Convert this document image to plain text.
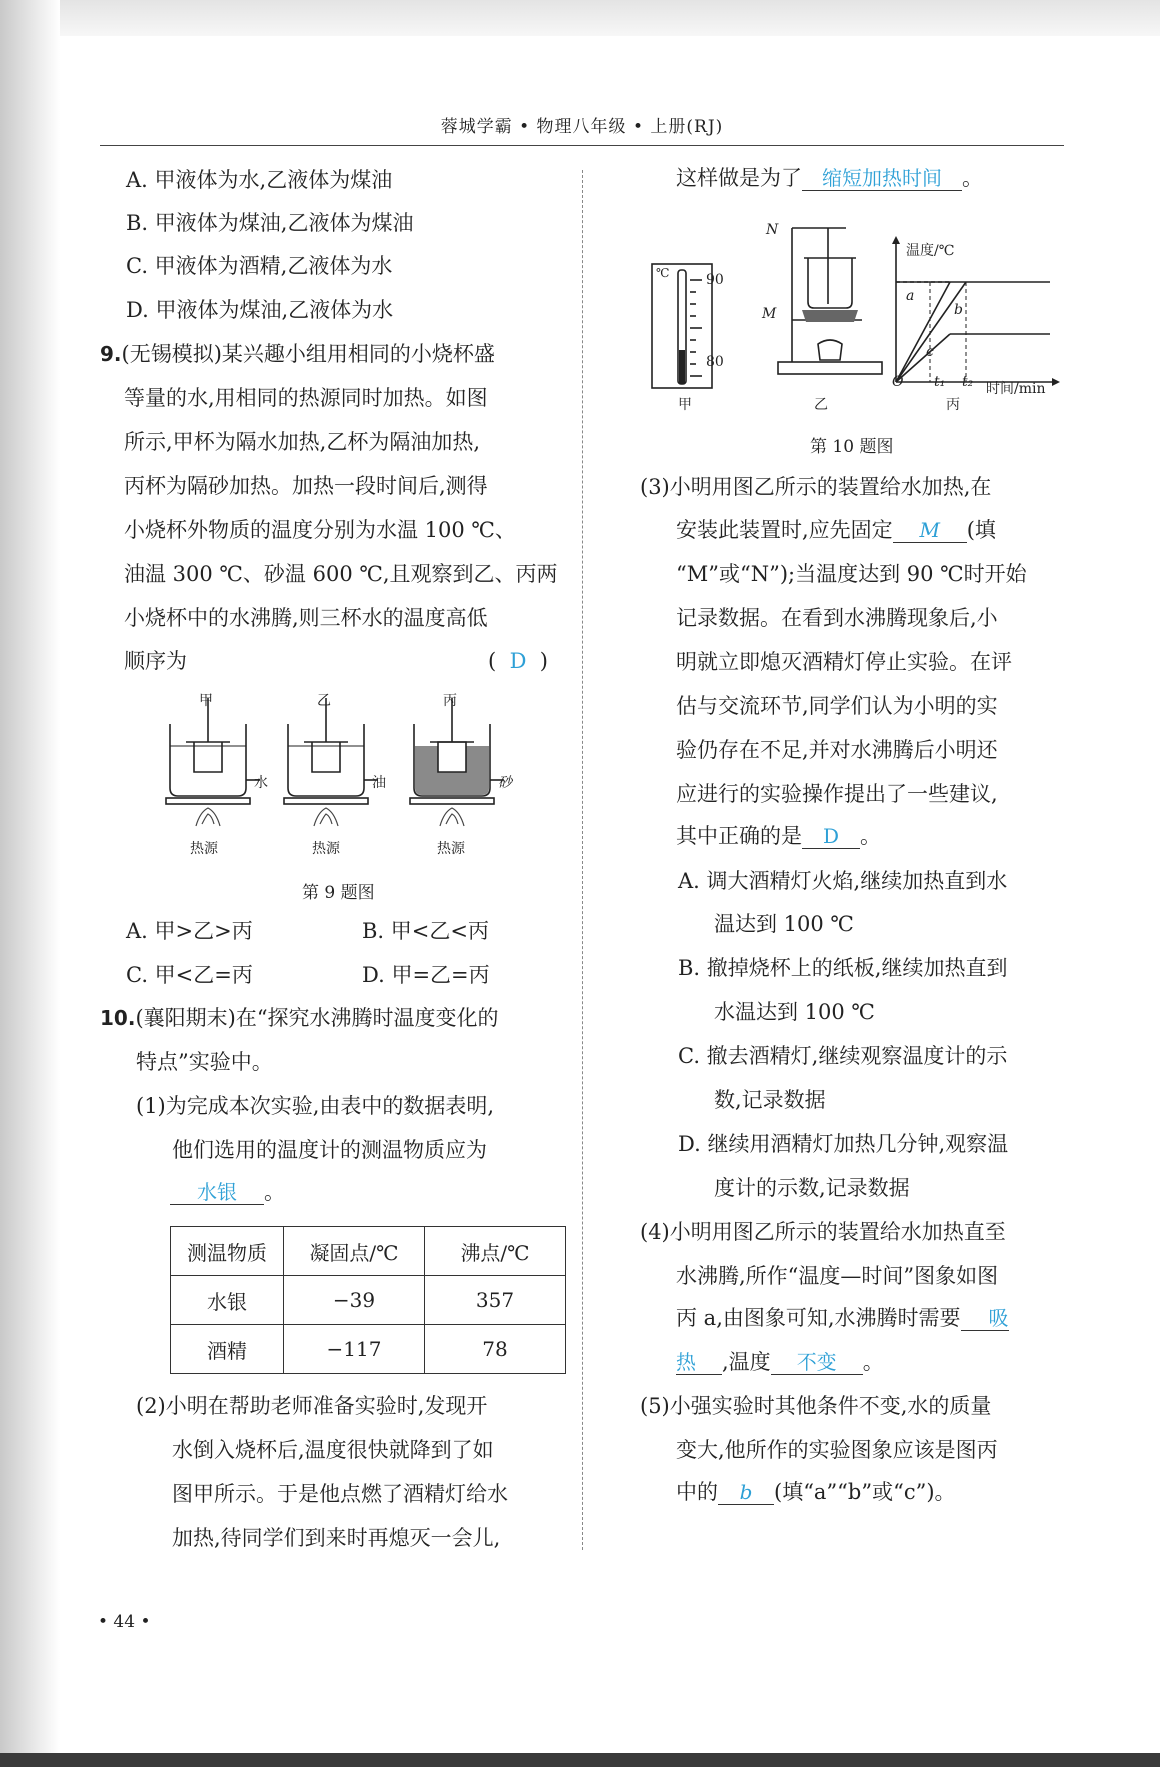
蓉城学霸 • 物理八年级 • 上册(RJ)
A. 甲液体为水,乙液体为煤油
B. 甲液体为煤油,乙液体为煤油
C. 甲液体为酒精,乙液体为水
D. 甲液体为煤油,乙液体为水
9.(无锡模拟)某兴趣小组用相同的小烧杯盛
等量的水,用相同的热源同时加热。如图
所示,甲杯为隔水加热,乙杯为隔油加热,
丙杯为隔砂加热。加热一段时间后,测得
小烧杯外物质的温度分别为水温 100 ℃、
油温 300 ℃、砂温 600 ℃,且观察到乙、丙两
小烧杯中的水沸腾,则三杯水的温度高低
顺序为	( D )
甲	乙	丙
水	油	砂
热源	热源	热源
第 9 题图
A. 甲>乙>丙	B. 甲<乙<丙
C. 甲<乙=丙	D. 甲=乙=丙
10.(襄阳期末)在“探究水沸腾时温度变化的
特点”实验中。
(1)为完成本次实验,由表中的数据表明,
他们选用的温度计的测温物质应为
水银 。
测温物质	凝固点/℃	沸点/℃
水银	−39	357
酒精	−117	78
(2)小明在帮助老师准备实验时,发现开
水倒入烧杯后,温度很快就降到了如
图甲所示。于是他点燃了酒精灯给水
加热,待同学们到来时再熄灭一会儿,
• 44 •
这样做是为了 缩短加热时间 。
℃	90
80
N
M
温度/℃
时间/min
O t₁ t₂
a
b
c
甲	乙	丙
第 10 题图
(3)小明用图乙所示的装置给水加热,在
安装此装置时,应先固定 M (填
“M”或“N”);当温度达到 90 ℃时开始
记录数据。在看到水沸腾现象后,小
明就立即熄灭酒精灯停止实验。在评
估与交流环节,同学们认为小明的实
验仍存在不足,并对水沸腾后小明还
应进行的实验操作提出了一些建议,
其中正确的是 D 。
A. 调大酒精灯火焰,继续加热直到水
温达到 100 ℃
B. 撤掉烧杯上的纸板,继续加热直到
水温达到 100 ℃
C. 撤去酒精灯,继续观察温度计的示
数,记录数据
D. 继续用酒精灯加热几分钟,观察温
度计的示数,记录数据
(4)小明用图乙所示的装置给水加热直至
水沸腾,所作“温度—时间”图象如图
丙 a,由图象可知,水沸腾时需要 吸
热 ,温度 不变 。
(5)小强实验时其他条件不变,水的质量
变大,他所作的实验图象应该是图丙
中的 b (填“a”“b”或“c”)。
